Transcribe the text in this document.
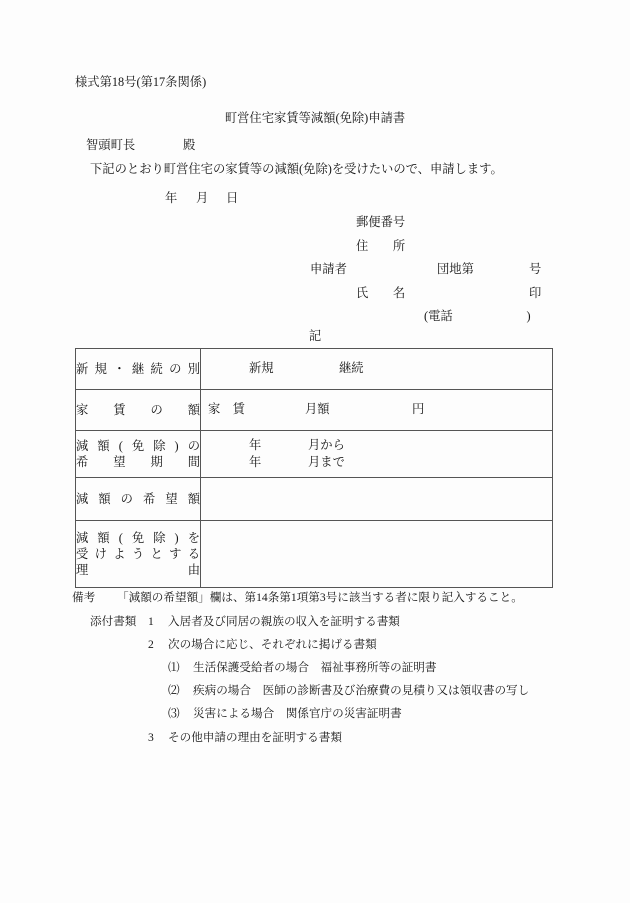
様式第18号(第17条関係)
町営住宅家賃等減額(免除)申請書
智頭町長	殿
下記のとおり町営住宅の家賃等の減額(免除)を受けたいので、申請します。
年 月 日
郵便番号
住　　所
申請者	団地第	号
氏　　名	印
(電話　　　　　　)
記
新規・継続の別	新規 継続

家賃の額	家　賃 月額 円

減額(免除)の
希望期間	年 月から
年 月まで

減額の希望額	

減額(免除)を
受けようとする
理由	

備考 「減額の希望額」欄は、第14条第1項第3号に該当する者に限り記入すること。
添付書類 1 入居者及び同居の親族の収入を証明する書類
2 次の場合に応じ、それぞれに掲げる書類
⑴ 生活保護受給者の場合　福祉事務所等の証明書
⑵ 疾病の場合　医師の診断書及び治療費の見積り又は領収書の写し
⑶ 災害による場合　関係官庁の災害証明書
3 その他申請の理由を証明する書類
